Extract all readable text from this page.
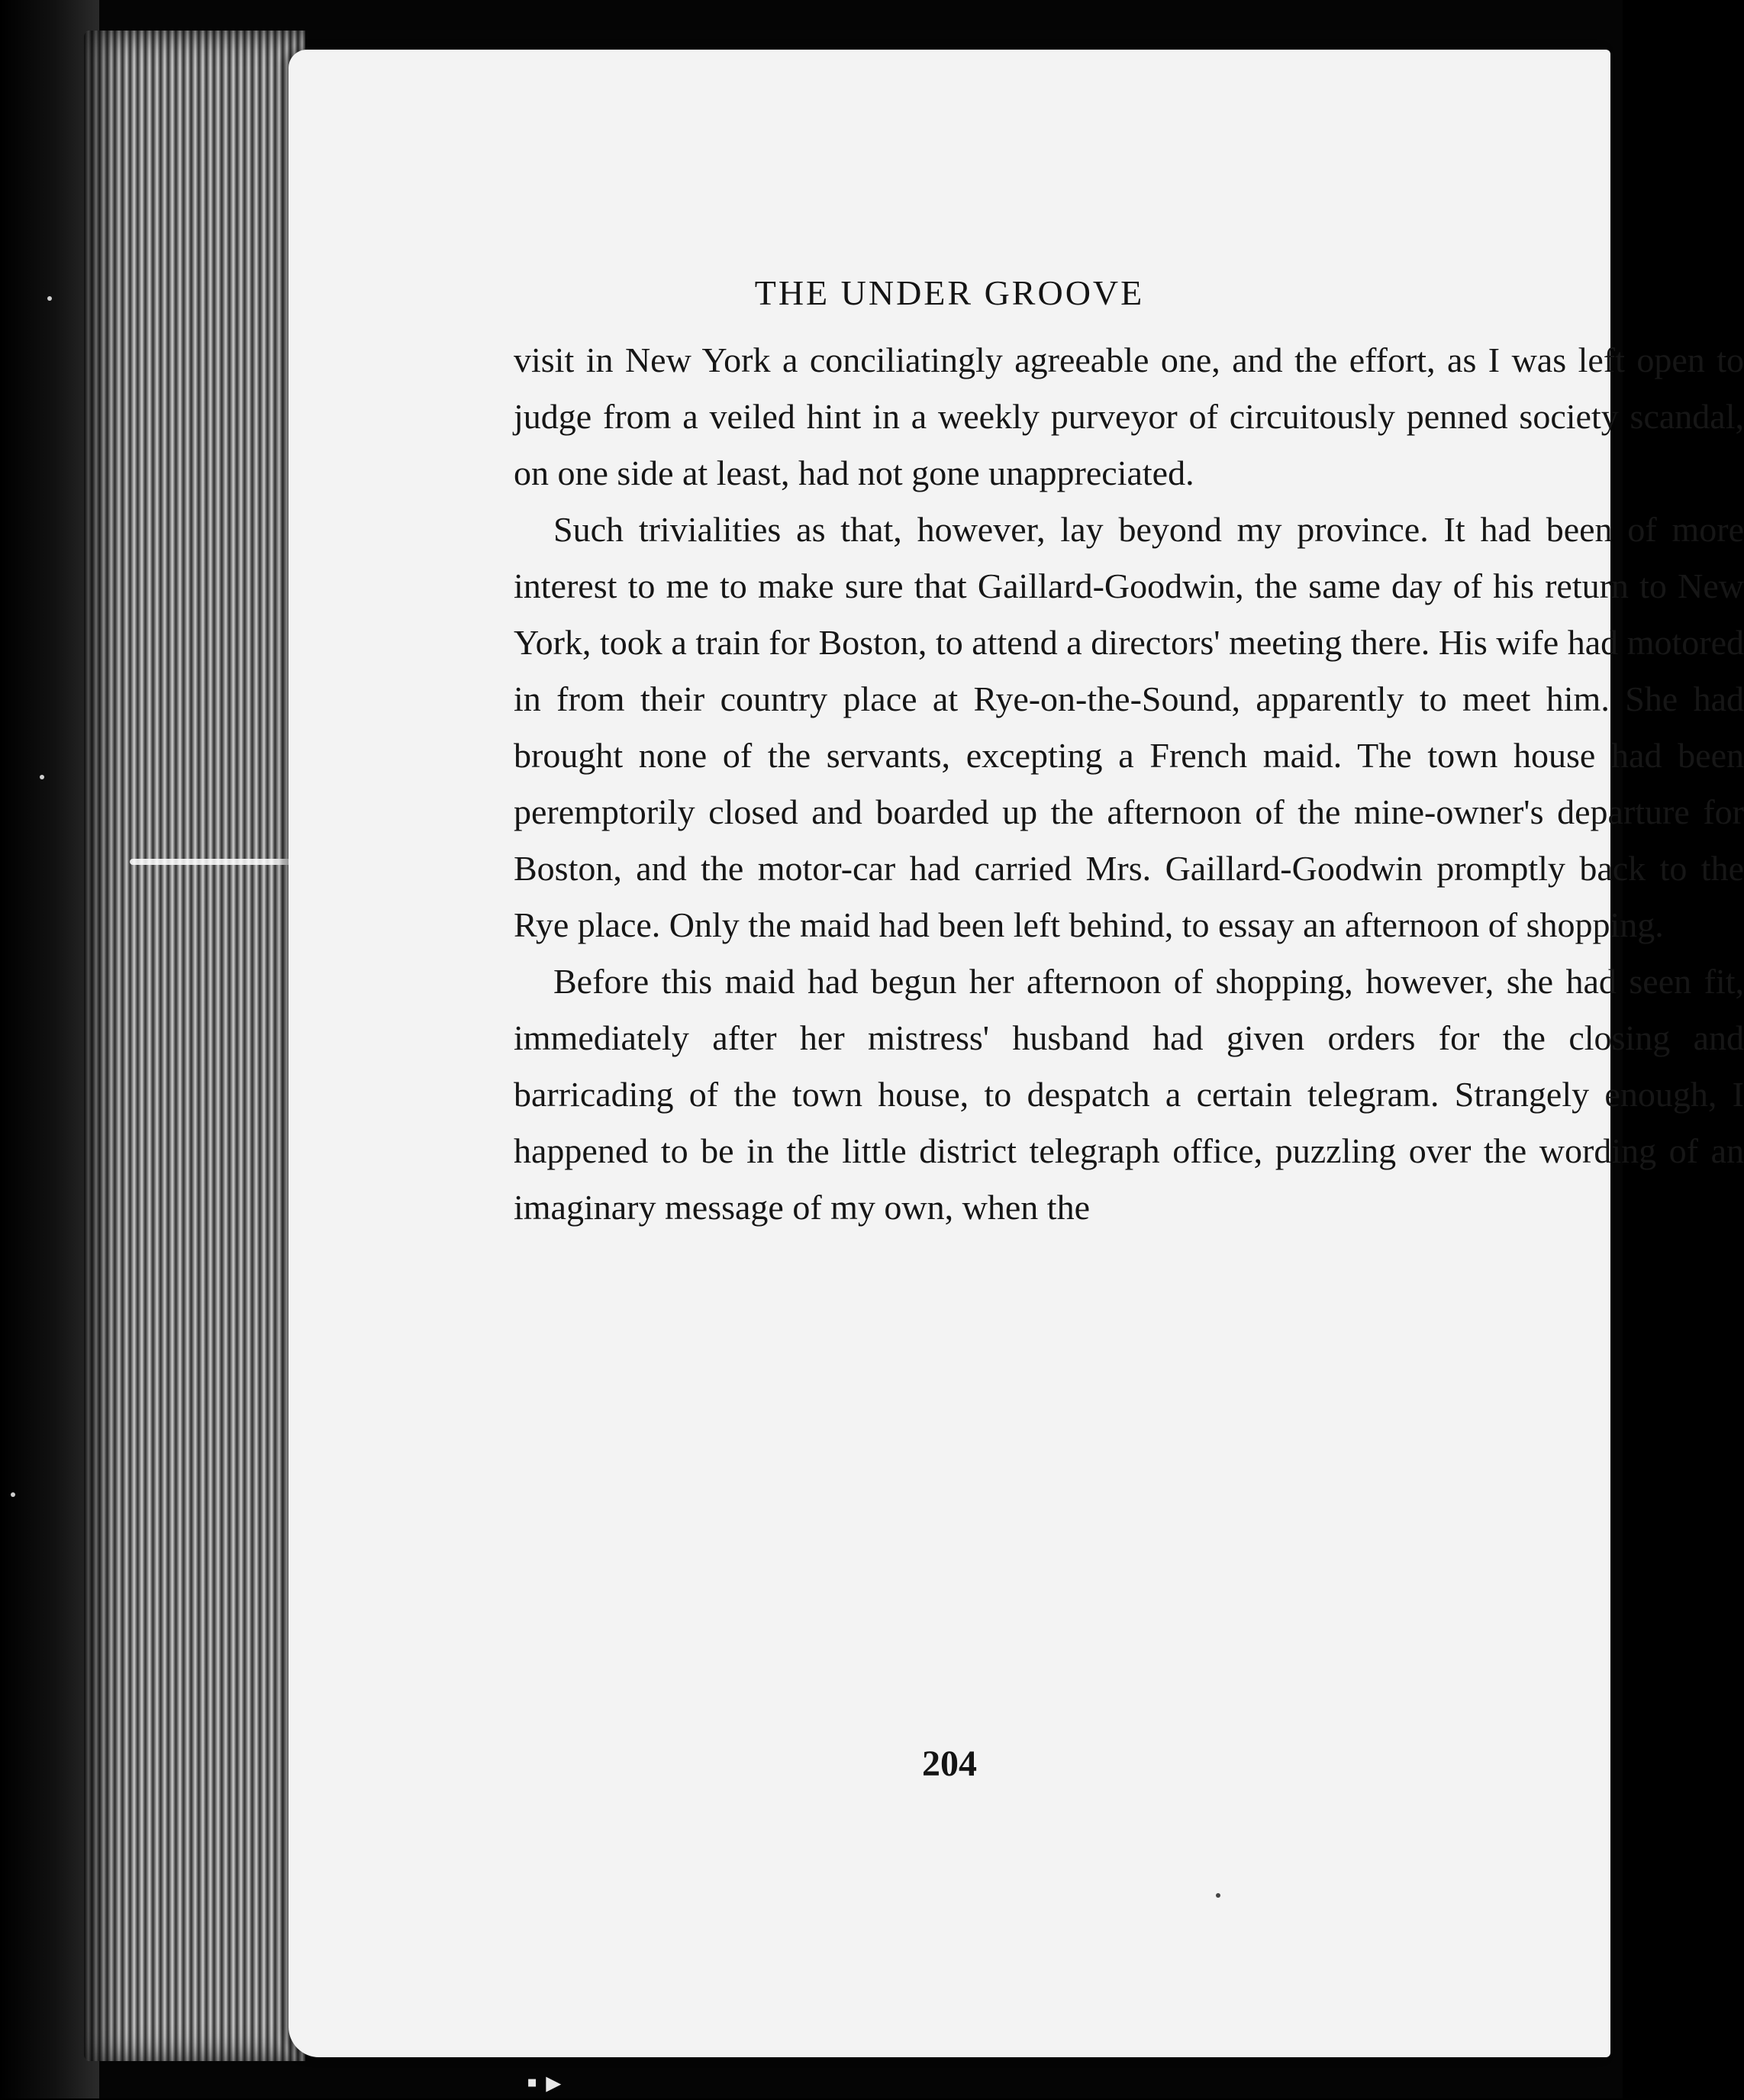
THE UNDER GROOVE

visit in New York a conciliatingly agreeable one, and the effort, as I was left open to judge from a veiled hint in a weekly purveyor of circuitously penned society scandal, on one side at least, had not gone unappreciated.

Such trivialities as that, however, lay beyond my province. It had been of more interest to me to make sure that Gaillard-Goodwin, the same day of his return to New York, took a train for Boston, to attend a directors' meeting there. His wife had motored in from their country place at Rye-on-the-Sound, apparently to meet him. She had brought none of the servants, excepting a French maid. The town house had been peremptorily closed and boarded up the afternoon of the mine-owner's departure for Boston, and the motor-car had carried Mrs. Gaillard-Goodwin promptly back to the Rye place. Only the maid had been left behind, to essay an afternoon of shopping.

Before this maid had begun her afternoon of shopping, however, she had seen fit, immediately after her mistress' husband had given orders for the closing and barricading of the town house, to despatch a certain telegram. Strangely enough, I happened to be in the little district telegraph office, puzzling over the wording of an imaginary message of my own, when the

204
▪ ▸
